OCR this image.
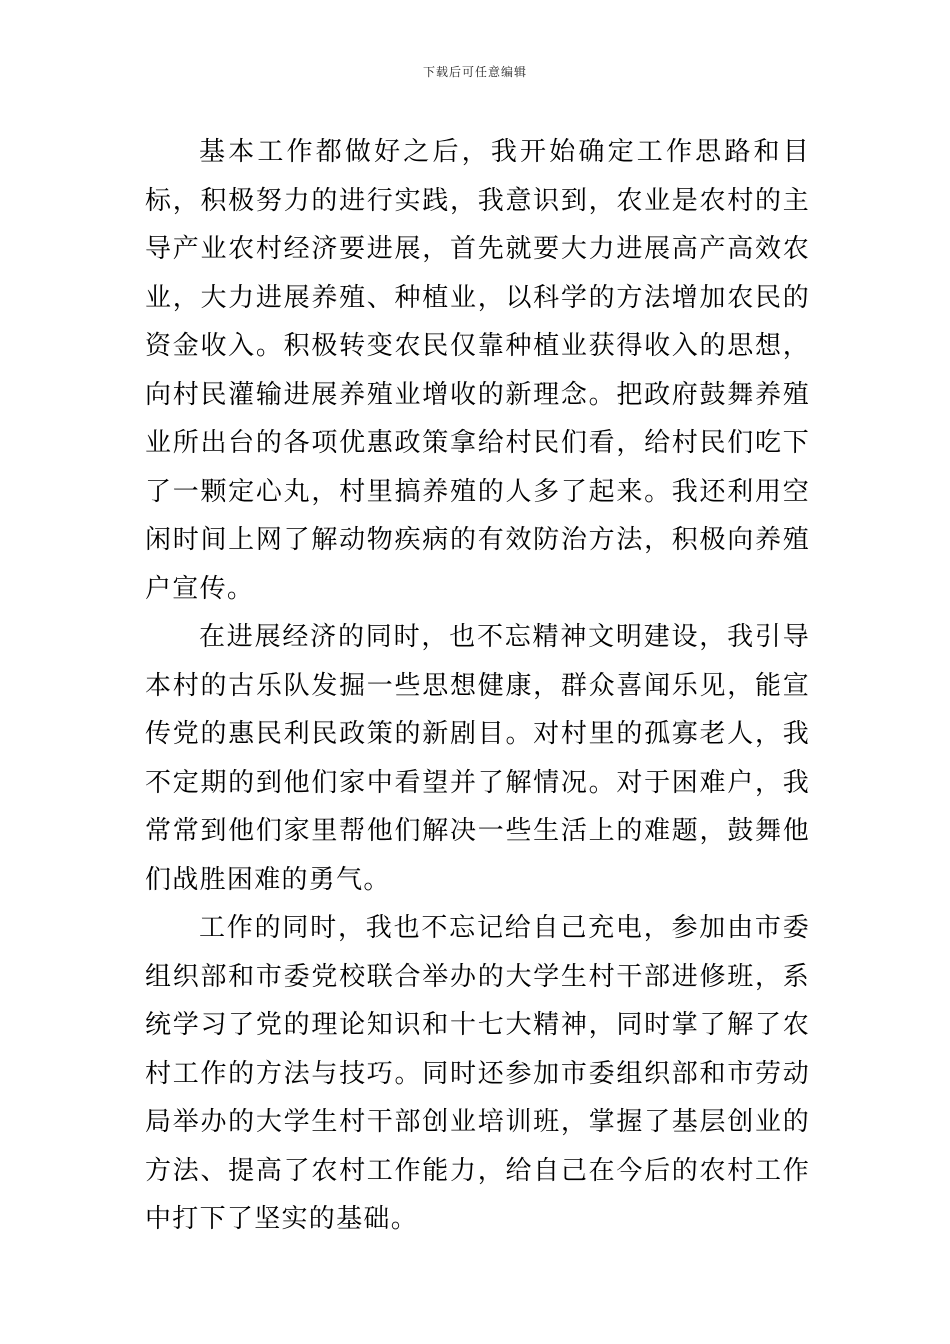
下载后可任意编辑

基本工作都做好之后，我开始确定工作思路和目标，积极努力的进行实践，我意识到，农业是农村的主导产业农村经济要进展，首先就要大力进展高产高效农业，大力进展养殖、种植业，以科学的方法增加农民的资金收入。积极转变农民仅靠种植业获得收入的思想，向村民灌输进展养殖业增收的新理念。把政府鼓舞养殖业所出台的各项优惠政策拿给村民们看，给村民们吃下了一颗定心丸，村里搞养殖的人多了起来。我还利用空闲时间上网了解动物疾病的有效防治方法，积极向养殖户宣传。

在进展经济的同时，也不忘精神文明建设，我引导本村的古乐队发掘一些思想健康，群众喜闻乐见，能宣传党的惠民利民政策的新剧目。对村里的孤寡老人，我不定期的到他们家中看望并了解情况。对于困难户，我常常到他们家里帮他们解决一些生活上的难题，鼓舞他们战胜困难的勇气。

工作的同时，我也不忘记给自己充电，参加由市委组织部和市委党校联合举办的大学生村干部进修班，系统学习了党的理论知识和十七大精神，同时掌了解了农村工作的方法与技巧。同时还参加市委组织部和市劳动局举办的大学生村干部创业培训班，掌握了基层创业的方法、提高了农村工作能力，给自己在今后的农村工作中打下了坚实的基础。
